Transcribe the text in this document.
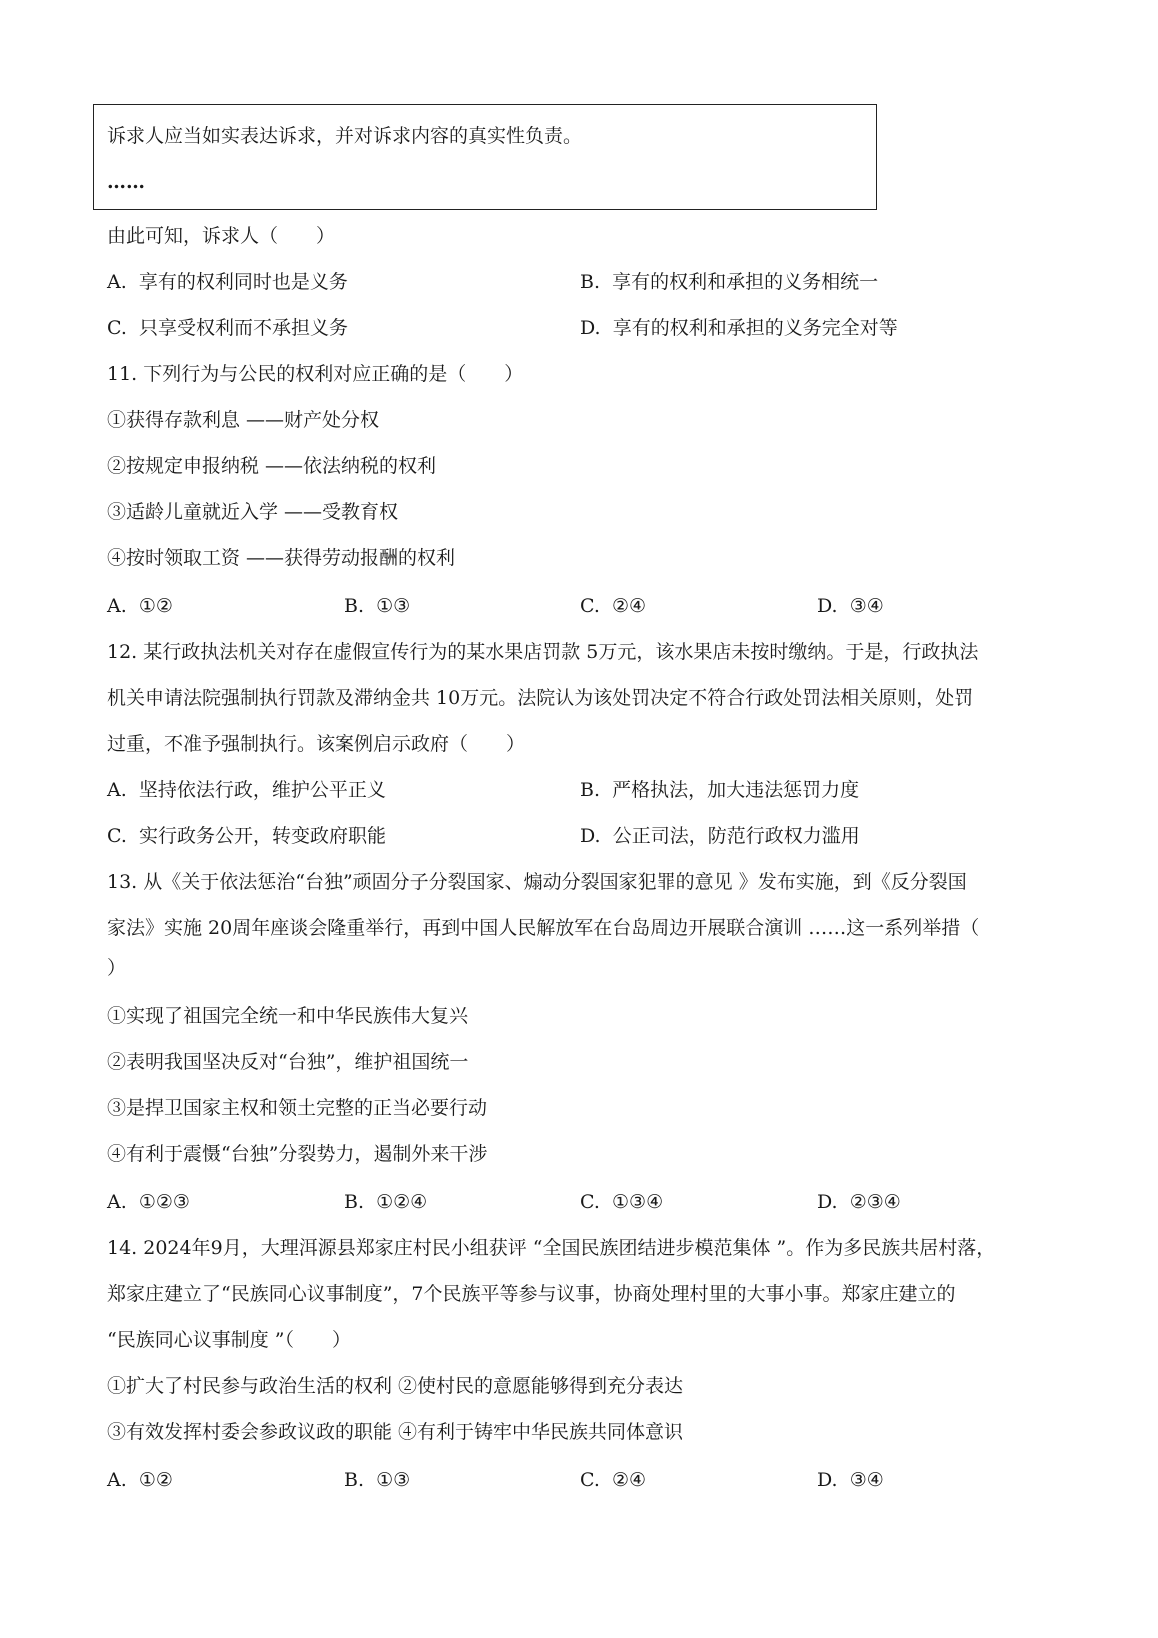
诉求人应当如实表达诉求，并对诉求内容的真实性负责。
……
由此可知，诉求人（　　）
A. 享有的权利同时也是义务	B. 享有的权利和承担的义务相统一
C. 只享受权利而不承担义务	D. 享有的权利和承担的义务完全对等
11. 下列行为与公民的权利对应正确的是（　　）
①获得存款利息 ——财产处分权
②按规定申报纳税 ——依法纳税的权利
③适龄儿童就近入学 ——受教育权
④按时领取工资 ——获得劳动报酬的权利
A. ①②	B. ①③	C. ②④	D. ③④
12. 某行政执法机关对存在虚假宣传行为的某水果店罚款 5万元，该水果店未按时缴纳。于是，行政执法
机关申请法院强制执行罚款及滞纳金共 10万元。法院认为该处罚决定不符合行政处罚法相关原则，处罚
过重，不准予强制执行。该案例启示政府（　　）
A. 坚持依法行政，维护公平正义	B. 严格执法，加大违法惩罚力度
C. 实行政务公开，转变政府职能	D. 公正司法，防范行政权力滥用
13. 从《关于依法惩治“台独”顽固分子分裂国家、煽动分裂国家犯罪的意见 》发布实施，到《反分裂国
家法》实施 20周年座谈会隆重举行，再到中国人民解放军在台岛周边开展联合演训 ……这一系列举措（
）
①实现了祖国完全统一和中华民族伟大复兴
②表明我国坚决反对“台独”，维护祖国统一
③是捍卫国家主权和领土完整的正当必要行动
④有利于震慑“台独”分裂势力，遏制外来干涉
A. ①②③	B. ①②④	C. ①③④	D. ②③④
14. 2024年9月，大理洱源县郑家庄村民小组获评 “全国民族团结进步模范集体 ”。作为多民族共居村落，
郑家庄建立了“民族同心议事制度”，7个民族平等参与议事，协商处理村里的大事小事。郑家庄建立的
“民族同心议事制度 ”（　　）
①扩大了村民参与政治生活的权利 ②使村民的意愿能够得到充分表达
③有效发挥村委会参政议政的职能 ④有利于铸牢中华民族共同体意识
A. ①②	B. ①③	C. ②④	D. ③④
